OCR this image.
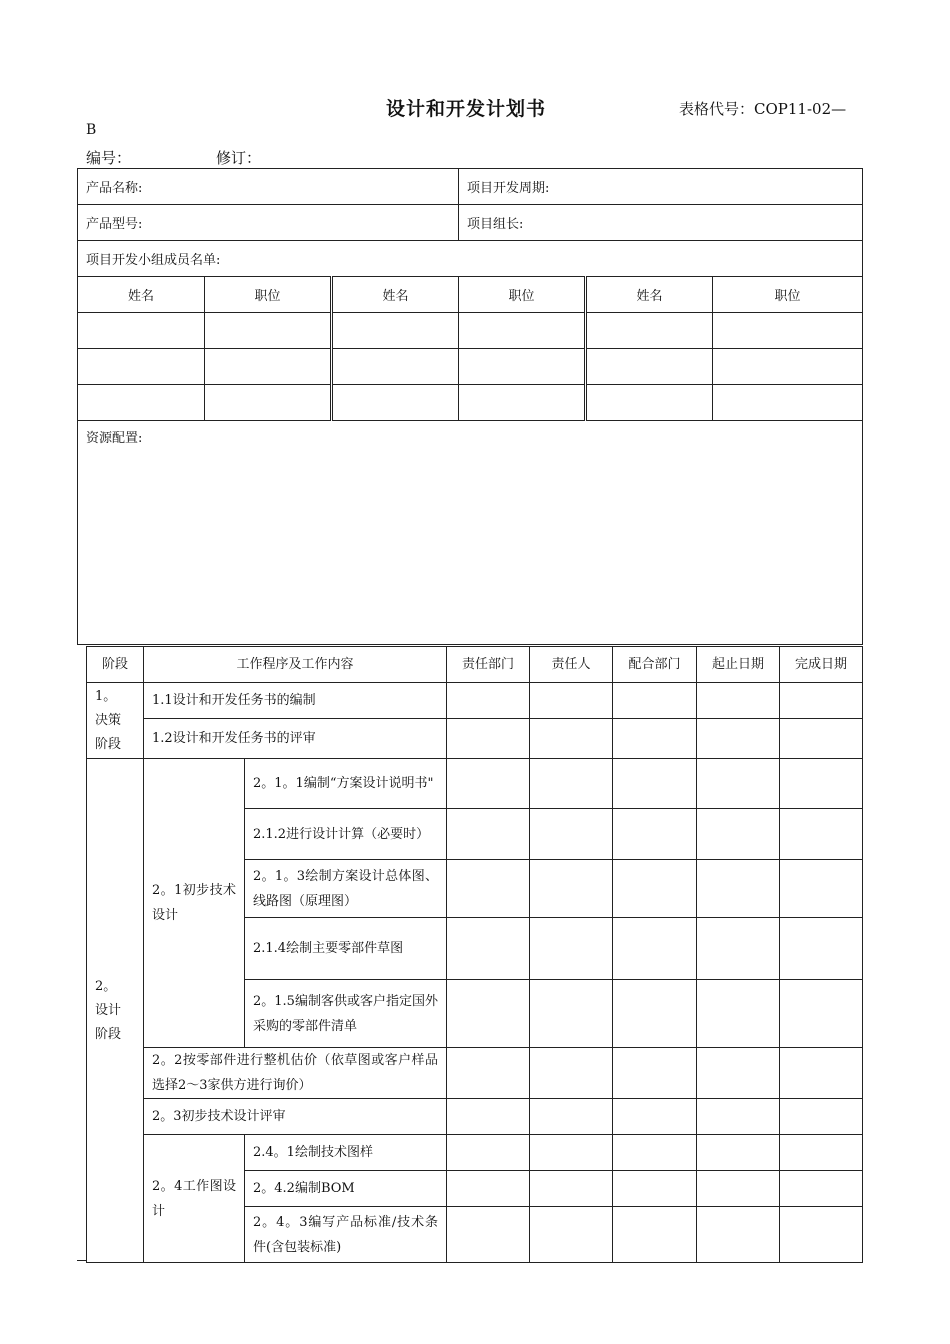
设计和开发计划书	表格代号：COP11-02—
B
编号：	修订：
产品名称:			项目开发周期:		
产品型号:			项目组长:		
项目开发小组成员名单:					
姓名	职位	姓名	职位	姓名	职位

资源配置:					
阶段	工作程序及工作内容		责任部门	责任人	配合部门	起止日期	完成日期
1。
决策
阶段	1.1设计和开发任务书的编制						
	1.2设计和开发任务书的评审						
2。
设计
阶段	2。1初步技术设计	2。1。1编制“方案设计说明书"					
		2.1.2进行设计计算（必要时）					
		2。1。3绘制方案设计总体图、线路图（原理图）					
		2.1.4绘制主要零部件草图					
		2。1.5编制客供或客户指定国外采购的零部件清单					
	2。2按零部件进行整机估价（依草图或客户样品选择2～3家供方进行询价）						
	2。3初步技术设计评审						
	2。4工作图设计	2.4。1绘制技术图样					
		2。4.2编制BOM					
		2。4。3编写产品标准/技术条件(含包装标准)					
